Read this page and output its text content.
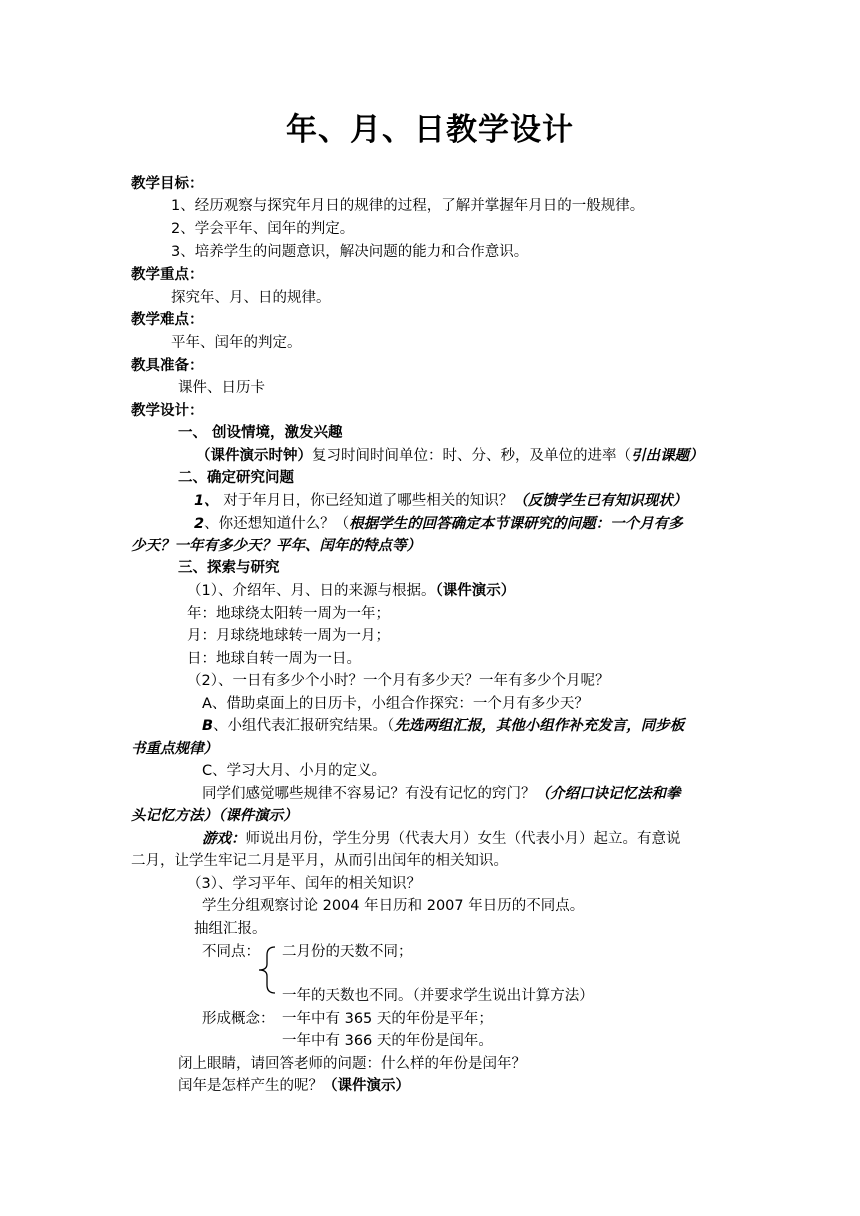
年、月、日教学设计
教学目标：
1、经历观察与探究年月日的规律的过程，了解并掌握年月日的一般规律。
2、学会平年、闰年的判定。
3、培养学生的问题意识，解决问题的能力和合作意识。
教学重点：
探究年、月、日的规律。
教学难点：
平年、闰年的判定。
教具准备：
课件、日历卡
教学设计：
一、 创设情境，激发兴趣
（课件演示时钟）复习时间时间单位：时、分、秒，及单位的进率（引出课题）
二、确定研究问题
1、 对于年月日，你已经知道了哪些相关的知识？（反馈学生已有知识现状）
2、你还想知道什么？（根据学生的回答确定本节课研究的问题：一个月有多
少天？一年有多少天？平年、闰年的特点等）
三、探索与研究
（1）、介绍年、月、日的来源与根据。（课件演示）
年：地球绕太阳转一周为一年；
月：月球绕地球转一周为一月；
日：地球自转一周为一日。
（2）、一日有多少个小时？一个月有多少天？一年有多少个月呢？
A、借助桌面上的日历卡，小组合作探究：一个月有多少天？
B、小组代表汇报研究结果。（先选两组汇报，其他小组作补充发言，同步板
书重点规律）
C、学习大月、小月的定义。
同学们感觉哪些规律不容易记？有没有记忆的窍门？（介绍口诀记忆法和拳
头记忆方法）（课件演示）
游戏：师说出月份，学生分男（代表大月）女生（代表小月）起立。有意说
二月，让学生牢记二月是平月，从而引出闰年的相关知识。
（3）、学习平年、闰年的相关知识？
学生分组观察讨论 2004 年日历和 2007 年日历的不同点。
抽组汇报。
不同点： 二月份的天数不同；
一年的天数也不同。（并要求学生说出计算方法）
形成概念： 一年中有 365 天的年份是平年；
一年中有 366 天的年份是闰年。
闭上眼睛，请回答老师的问题：什么样的年份是闰年？
闰年是怎样产生的呢？（课件演示）
